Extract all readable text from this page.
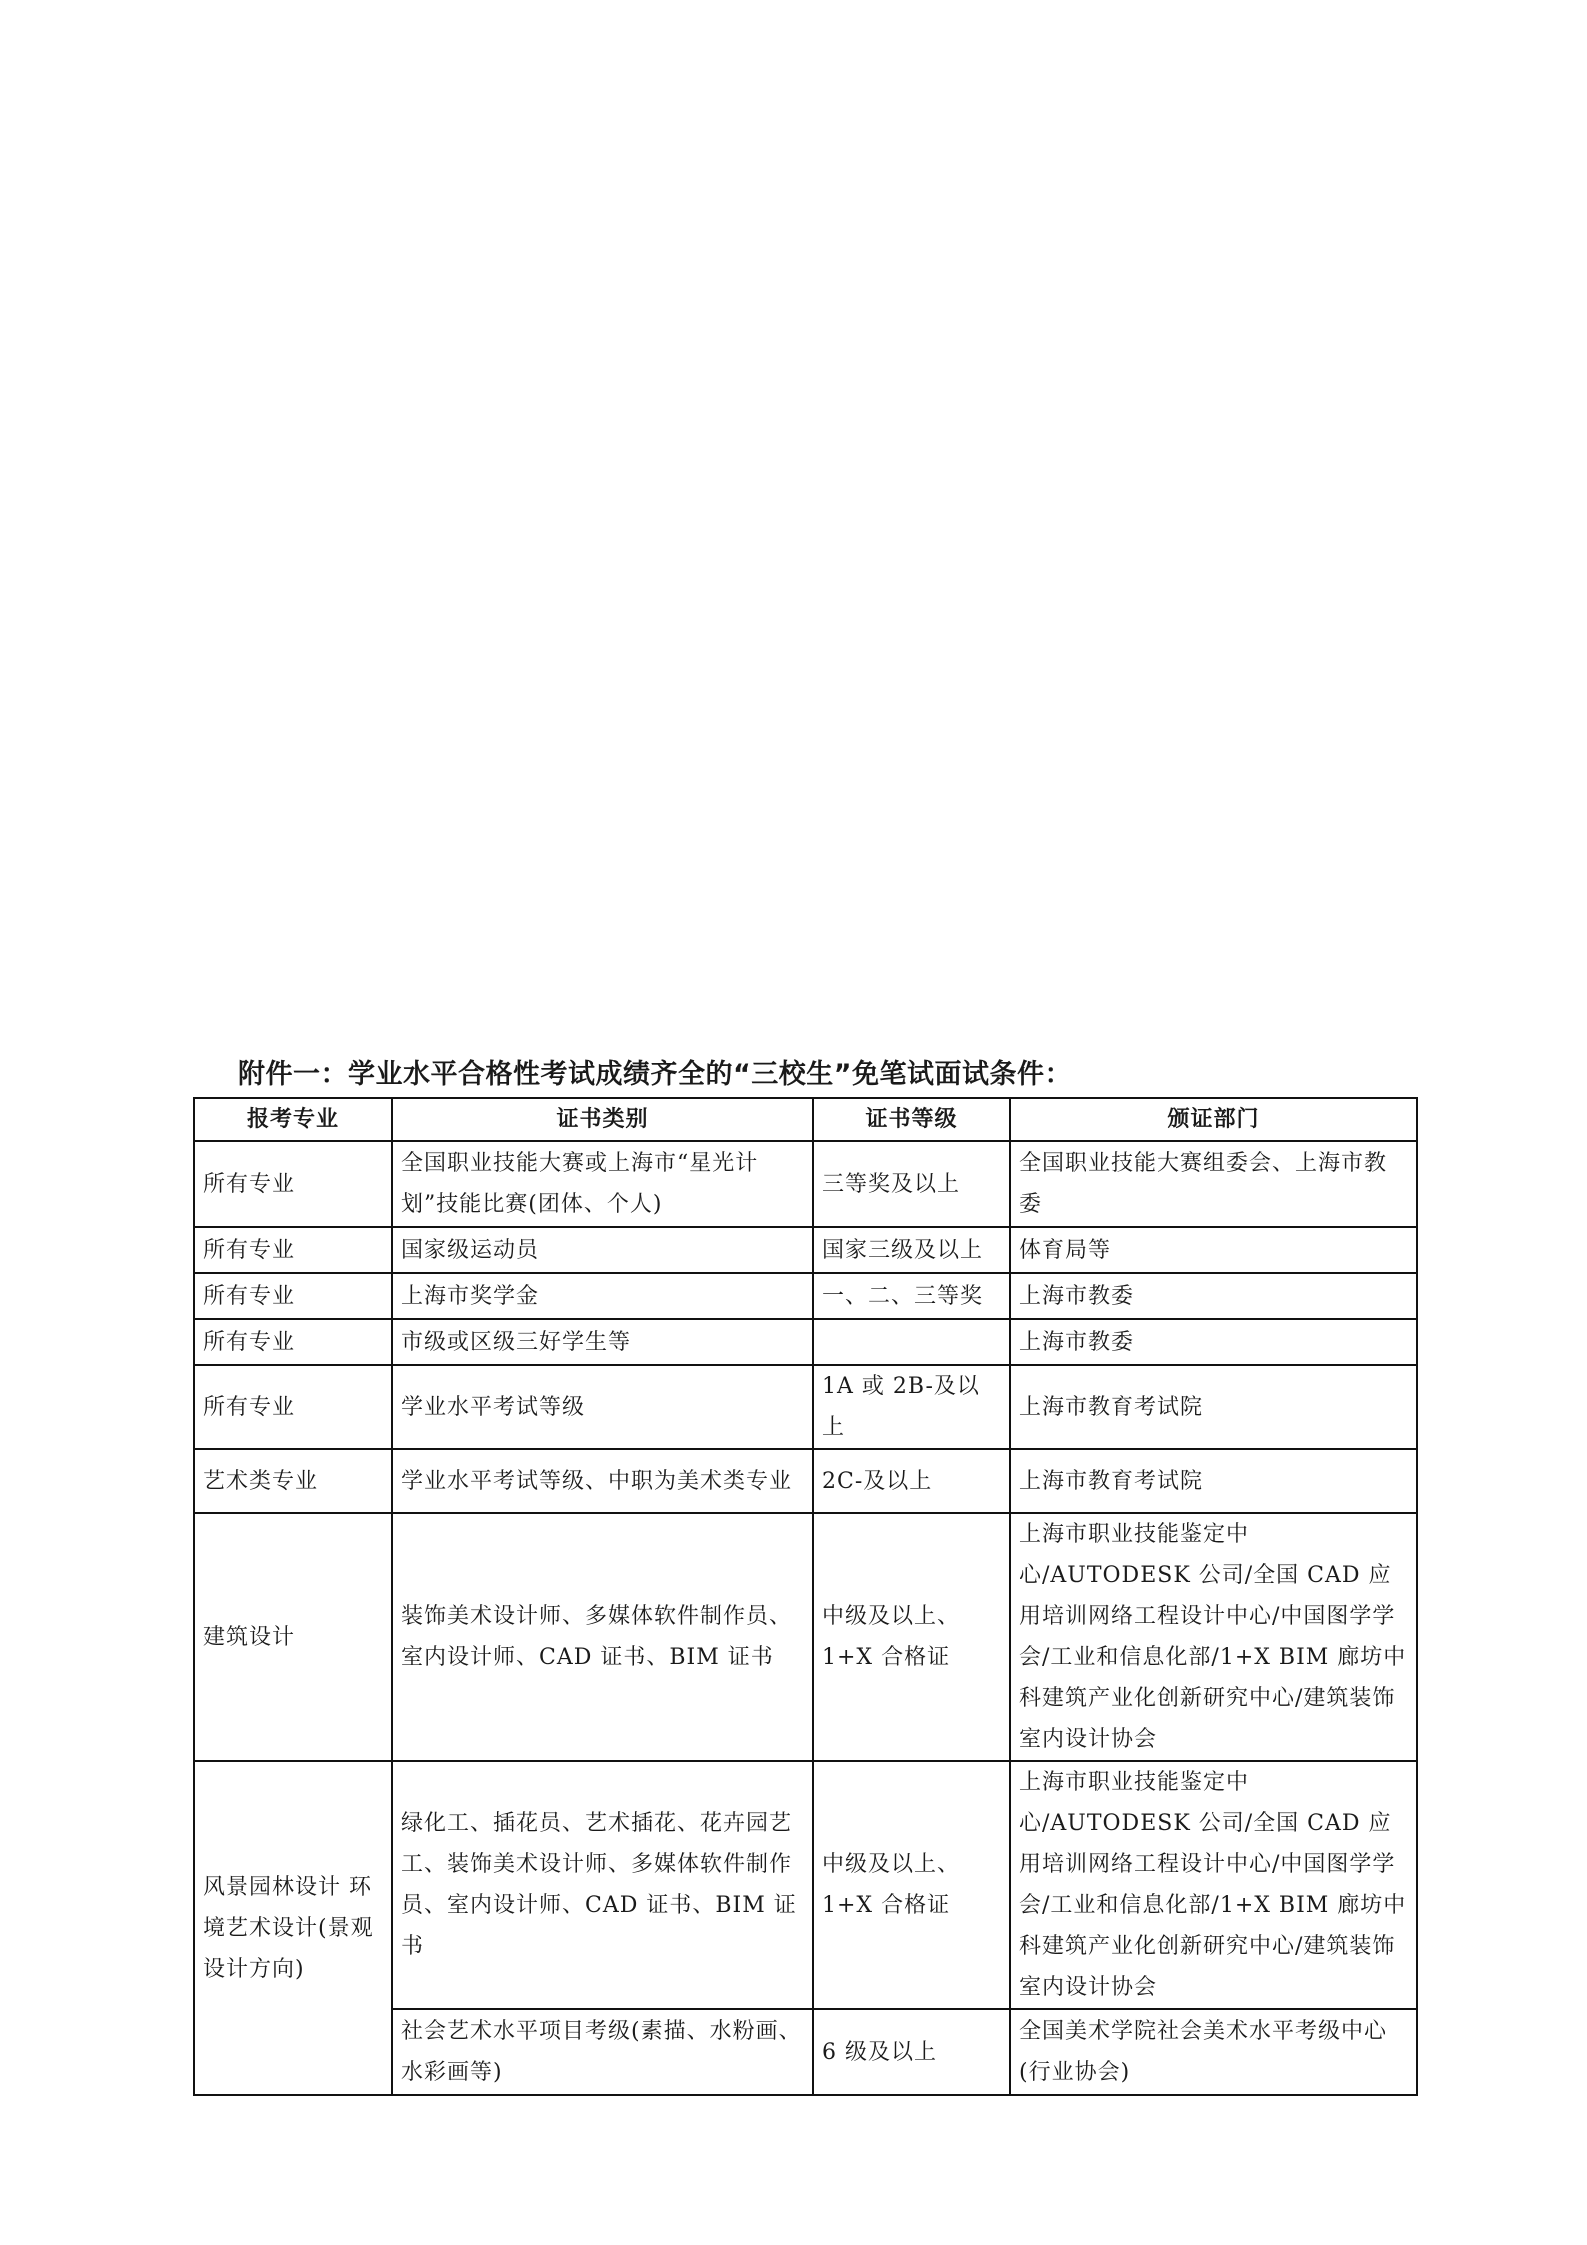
附件一：学业水平合格性考试成绩齐全的“三校生”免笔试面试条件：
报考专业	证书类别	证书等级	颁证部门
所有专业	全国职业技能大赛或上海市“星光计划”技能比赛(团体、个人)	三等奖及以上	全国职业技能大赛组委会、上海市教委
所有专业	国家级运动员	国家三级及以上	体育局等
所有专业	上海市奖学金	一、二、三等奖	上海市教委
所有专业	市级或区级三好学生等		上海市教委
所有专业	学业水平考试等级	1A 或 2B-及以上	上海市教育考试院
艺术类专业	学业水平考试等级、中职为美术类专业	2C-及以上	上海市教育考试院
建筑设计	装饰美术设计师、多媒体软件制作员、室内设计师、CAD 证书、BIM 证书	中级及以上、1+X 合格证	上海市职业技能鉴定中心/AUTODESK 公司/全国 CAD 应用培训网络工程设计中心/中国图学学会/工业和信息化部/1+X BIM 廊坊中科建筑产业化创新研究中心/建筑装饰室内设计协会
风景园林设计 环境艺术设计(景观设计方向)	绿化工、插花员、艺术插花、花卉园艺工、装饰美术设计师、多媒体软件制作员、室内设计师、CAD 证书、BIM 证书	中级及以上、1+X 合格证	上海市职业技能鉴定中心/AUTODESK 公司/全国 CAD 应用培训网络工程设计中心/中国图学学会/工业和信息化部/1+X BIM 廊坊中科建筑产业化创新研究中心/建筑装饰室内设计协会
	社会艺术水平项目考级(素描、水粉画、水彩画等)	6 级及以上	全国美术学院社会美术水平考级中心(行业协会)
